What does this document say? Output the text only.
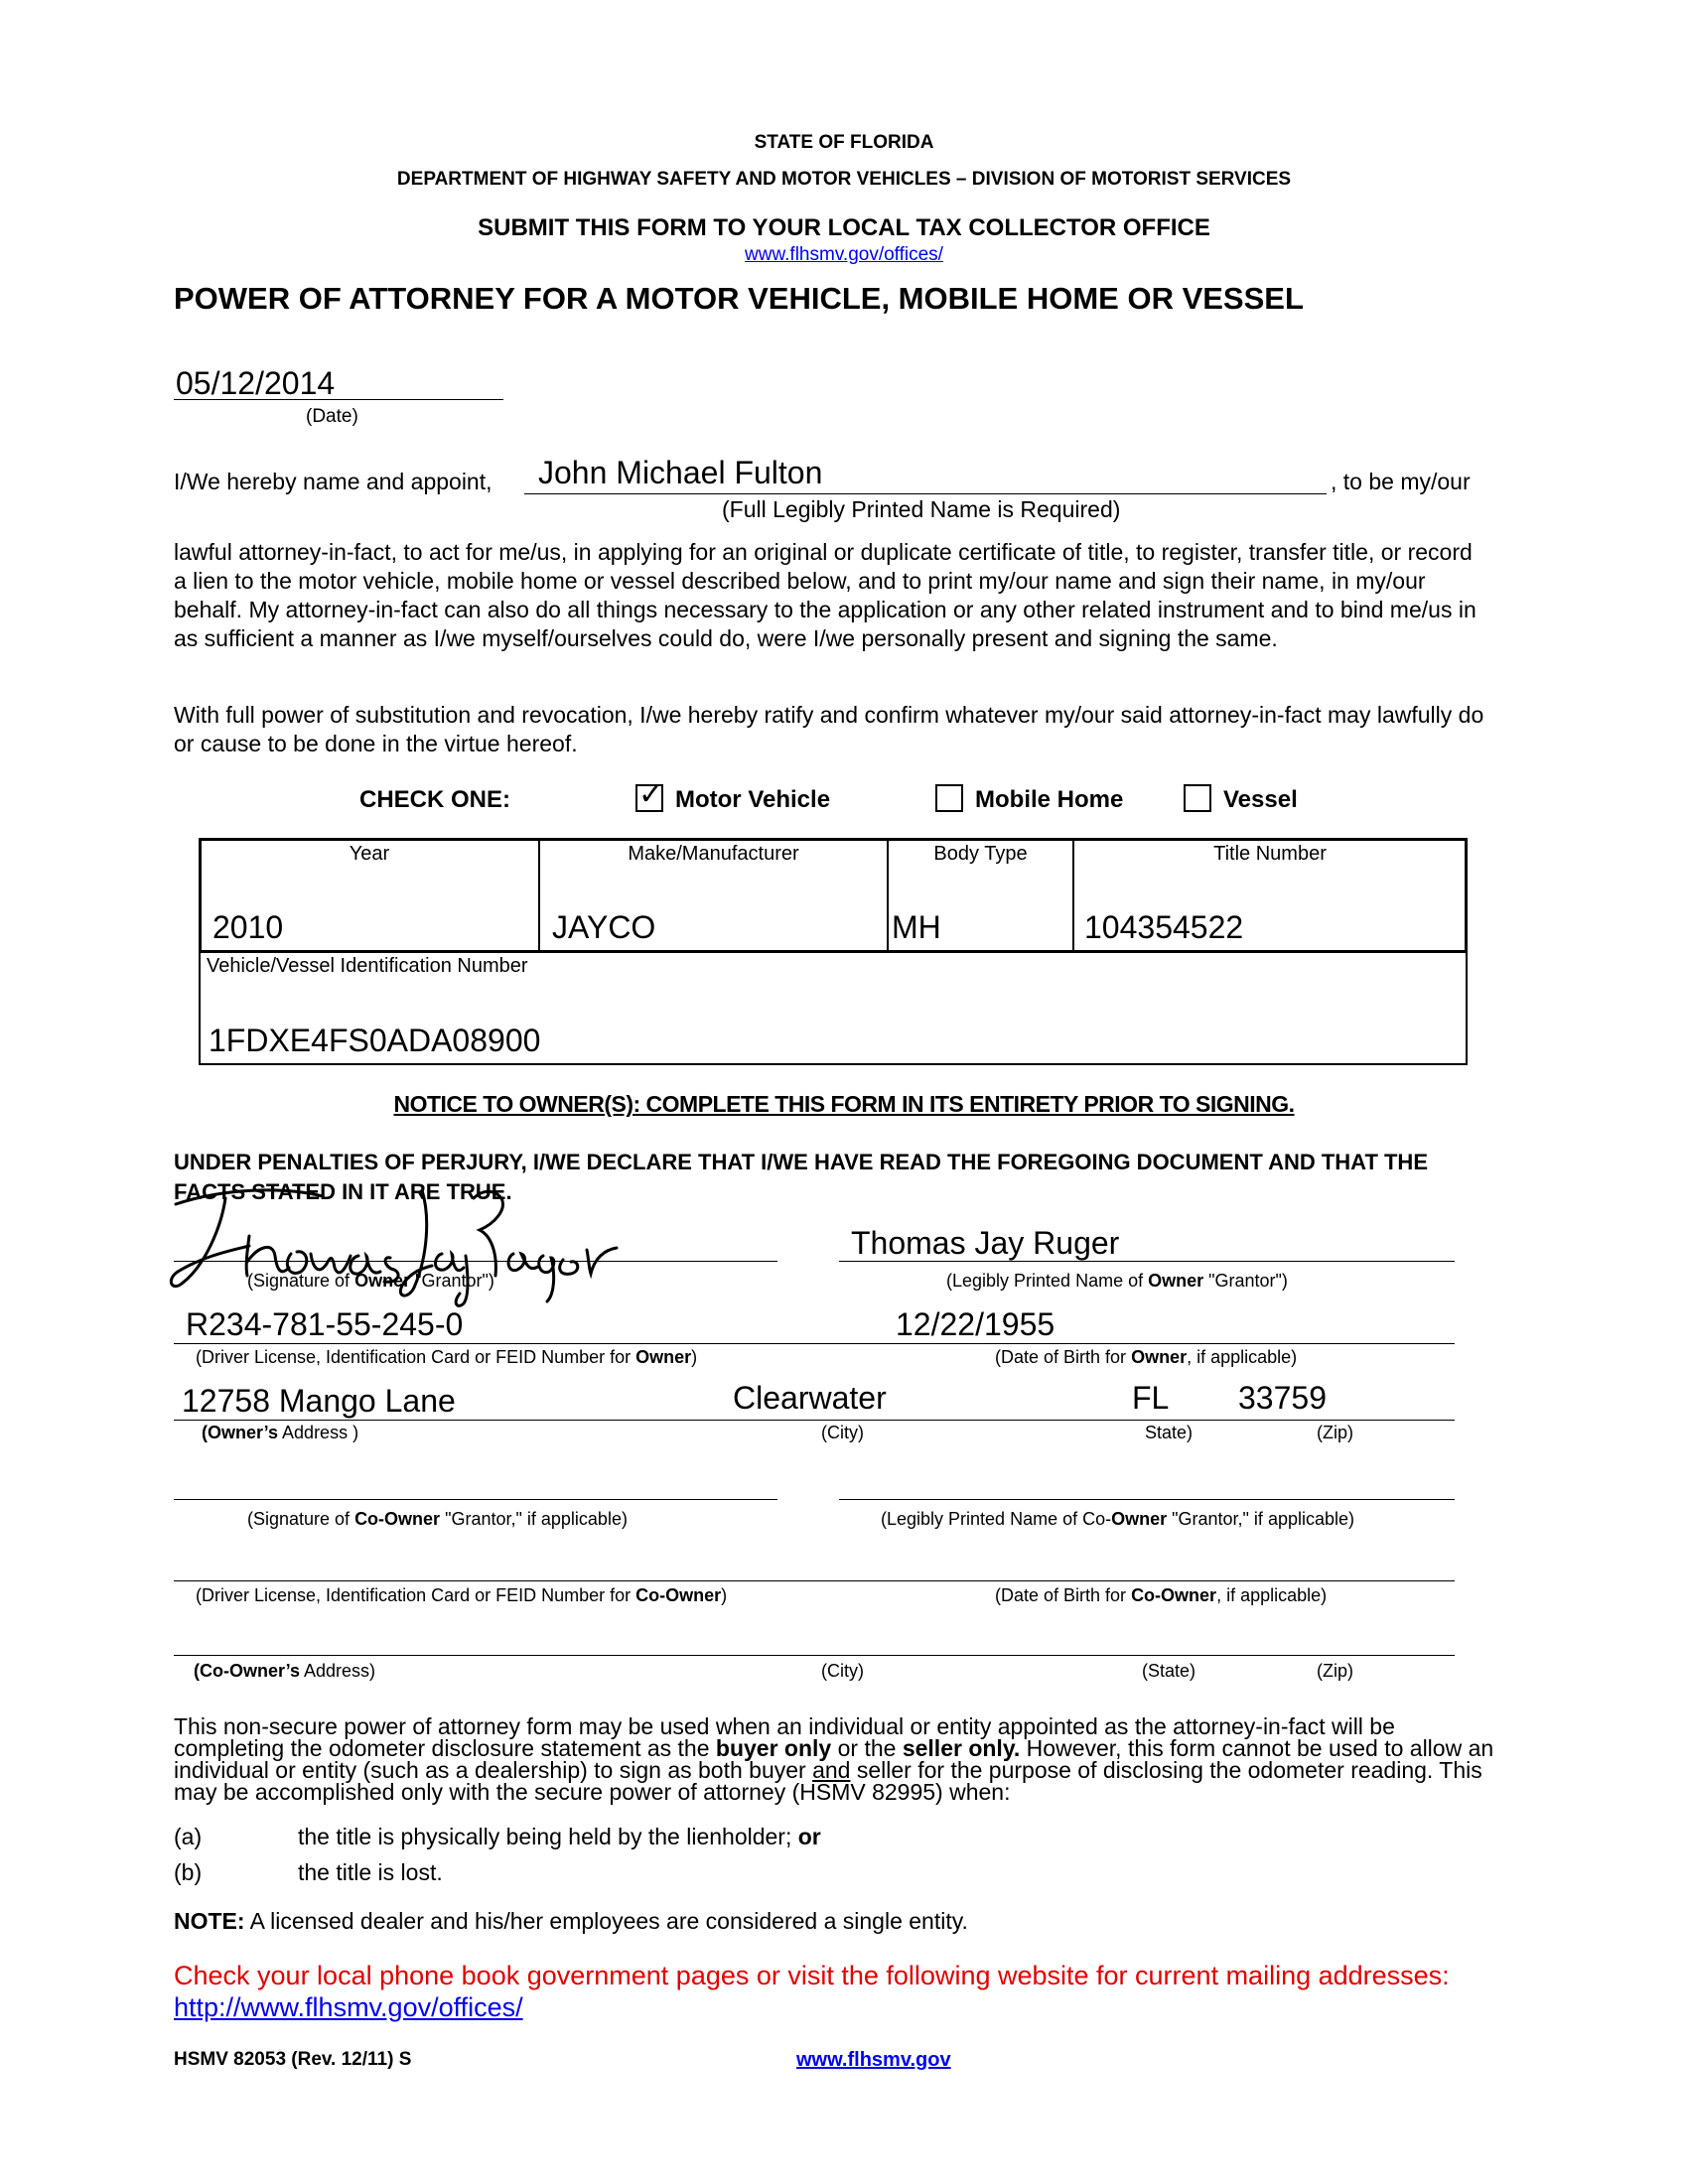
STATE OF FLORIDA
DEPARTMENT OF HIGHWAY SAFETY AND MOTOR VEHICLES – DIVISION OF MOTORIST SERVICES
SUBMIT THIS FORM TO YOUR LOCAL TAX COLLECTOR OFFICE
www.flhsmv.gov/offices/
POWER OF ATTORNEY FOR A MOTOR VEHICLE, MOBILE HOME OR VESSEL
05/12/2014
(Date)
I/We hereby name and appoint, John Michael Fulton	, to be my/our
(Full Legibly Printed Name is Required)
lawful attorney-in-fact, to act for me/us, in applying for an original or duplicate certificate of title, to register, transfer title, or record a lien to the motor vehicle, mobile home or vessel described below, and to print my/our name and sign their name, in my/our behalf. My attorney-in-fact can also do all things necessary to the application or any other related instrument and to bind me/us in as sufficient a manner as I/we myself/ourselves could do, were I/we personally present and signing the same.
With full power of substitution and revocation, I/we hereby ratify and confirm whatever my/our said attorney-in-fact may lawfully do or cause to be done in the virtue hereof.
CHECK ONE:	✓ Motor Vehicle	Mobile Home	Vessel
Year	Make/Manufacturer	Body Type	Title Number
2010	JAYCO	MH	104354522
Vehicle/Vessel Identification Number
1FDXE4FS0ADA08900
NOTICE TO OWNER(S): COMPLETE THIS FORM IN ITS ENTIRETY PRIOR TO SIGNING.
UNDER PENALTIES OF PERJURY, I/WE DECLARE THAT I/WE HAVE READ THE FOREGOING DOCUMENT AND THAT THE FACTS STATED IN IT ARE TRUE.
(Signature of Owner "Grantor")
Thomas Jay Ruger
(Legibly Printed Name of Owner "Grantor")
R234-781-55-245-0	12/22/1955
(Driver License, Identification Card or FEID Number for Owner)	(Date of Birth for Owner, if applicable)
12758 Mango Lane	Clearwater	FL 33759
(Owner’s Address )	(City)	State)	(Zip)
(Signature of Co-Owner "Grantor," if applicable)	(Legibly Printed Name of Co-Owner "Grantor," if applicable)
(Driver License, Identification Card or FEID Number for Co-Owner)	(Date of Birth for Co-Owner, if applicable)
(Co-Owner’s Address)	(City)	(State)	(Zip)
This non-secure power of attorney form may be used when an individual or entity appointed as the attorney-in-fact will be completing the odometer disclosure statement as the buyer only or the seller only. However, this form cannot be used to allow an individual or entity (such as a dealership) to sign as both buyer and seller for the purpose of disclosing the odometer reading. This may be accomplished only with the secure power of attorney (HSMV 82995) when:
(a)	the title is physically being held by the lienholder; or
(b)	the title is lost.
NOTE: A licensed dealer and his/her employees are considered a single entity.
Check your local phone book government pages or visit the following website for current mailing addresses:
http://www.flhsmv.gov/offices/
HSMV 82053 (Rev. 12/11) S	www.flhsmv.gov
